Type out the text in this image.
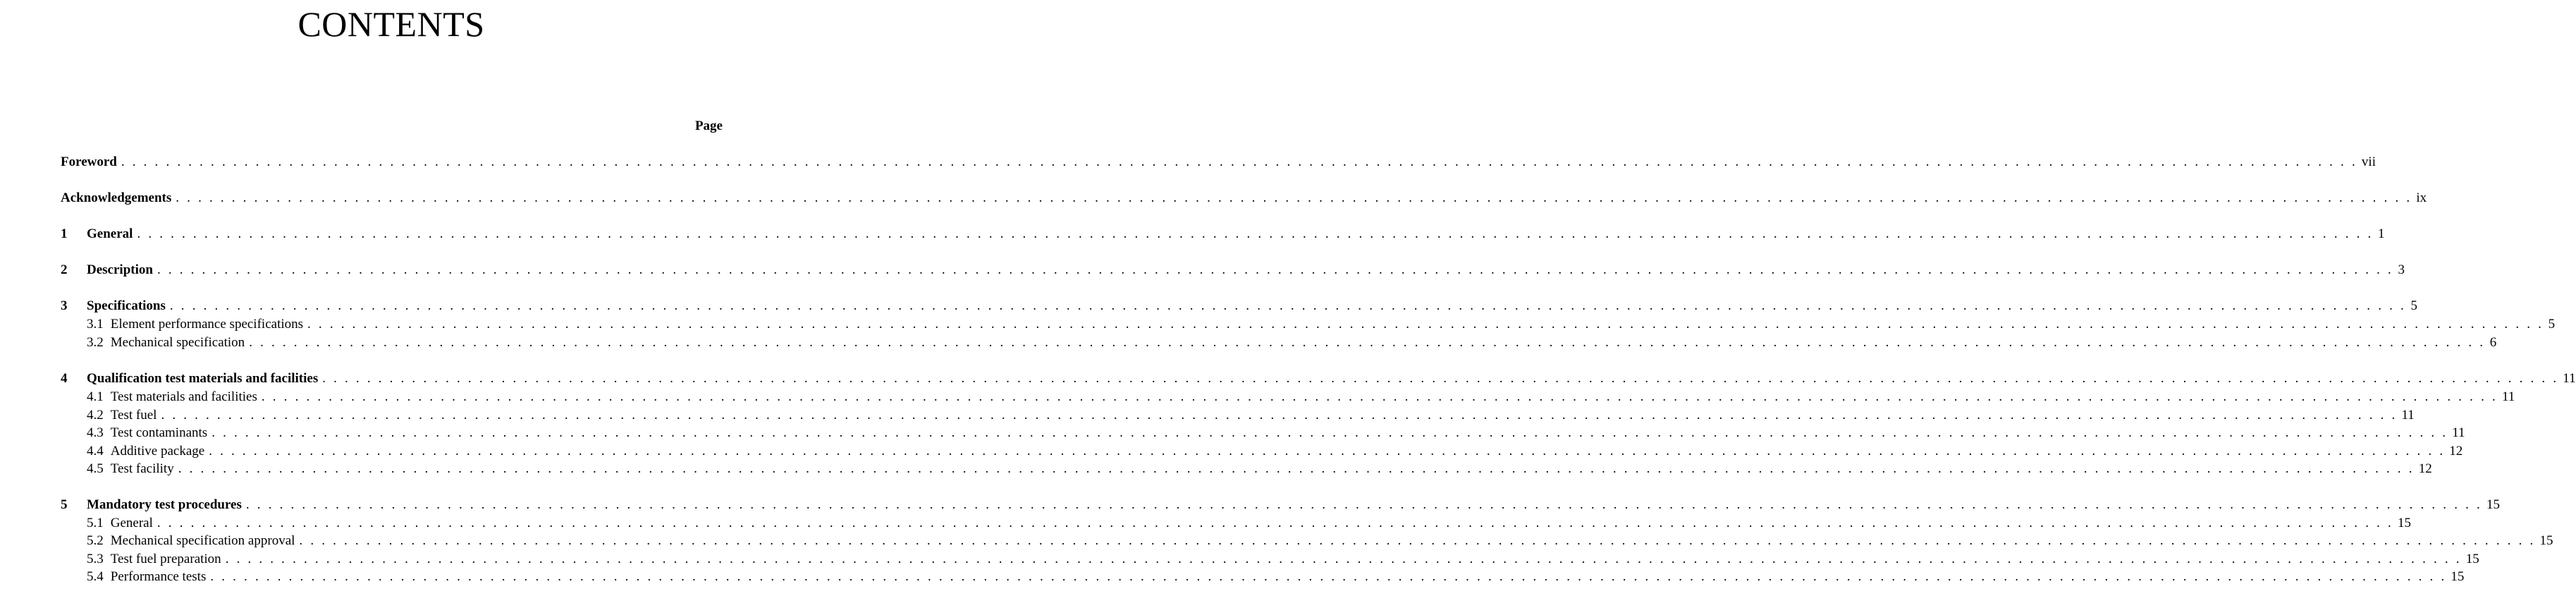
CONTENTS
Page
Foreword . . . . . . . . . . . . . . . . . . . . . . . . . . . . . . . . . . . . . . . . . . . . . . . . . . . . . . . . . . . . . . . . . . . . . . . . . . . . . . . . . . . . . . . . . . . . . . . . . . . . . . . . . . . . . . . . . . . . . . . . . . . . . . . . . . . . . . . . . . . . . . . . . . . . . . . . . . . . . . . . . . . . . . . . . . . . . . . . . . . . . . . . . . . . . . . . . . . . . . . . vii
Acknowledgements . . . . . . . . . . . . . . . . . . . . . . . . . . . . . . . . . . . . . . . . . . . . . . . . . . . . . . . . . . . . . . . . . . . . . . . . . . . . . . . . . . . . . . . . . . . . . . . . . . . . . . . . . . . . . . . . . . . . . . . . . . . . . . . . . . . . . . . . . . . . . . . . . . . . . . . . . . . . . . . . . . . . . . . . . . . . . . . . . . . . . . . . . . . . . . . . . . . . . . . . ix
1	General . . . . . . . . . . . . . . . . . . . . . . . . . . . . . . . . . . . . . . . . . . . . . . . . . . . . . . . . . . . . . . . . . . . . . . . . . . . . . . . . . . . . . . . . . . . . . . . . . . . . . . . . . . . . . . . . . . . . . . . . . . . . . . . . . . . . . . . . . . . . . . . . . . . . . . . . . . . . . . . . . . . . . . . . . . . . . . . . . . . . . . . . . . . . . . . . . . . . . . . . 1
2	Description . . . . . . . . . . . . . . . . . . . . . . . . . . . . . . . . . . . . . . . . . . . . . . . . . . . . . . . . . . . . . . . . . . . . . . . . . . . . . . . . . . . . . . . . . . . . . . . . . . . . . . . . . . . . . . . . . . . . . . . . . . . . . . . . . . . . . . . . . . . . . . . . . . . . . . . . . . . . . . . . . . . . . . . . . . . . . . . . . . . . . . . . . . . . . . . . . . . . . . . . 3
3	Specifications . . . . . . . . . . . . . . . . . . . . . . . . . . . . . . . . . . . . . . . . . . . . . . . . . . . . . . . . . . . . . . . . . . . . . . . . . . . . . . . . . . . . . . . . . . . . . . . . . . . . . . . . . . . . . . . . . . . . . . . . . . . . . . . . . . . . . . . . . . . . . . . . . . . . . . . . . . . . . . . . . . . . . . . . . . . . . . . . . . . . . . . . . . . . . . . . . . . . . . . . 5
3.1 Element performance specifications . . . . . . . . . . . . . . . . . . . . . . . . . . . . . . . . . . . . . . . . . . . . . . . . . . . . . . . . . . . . . . . . . . . . . . . . . . . . . . . . . . . . . . . . . . . . . . . . . . . . . . . . . . . . . . . . . . . . . . . . . . . . . . . . . . . . . . . . . . . . . . . . . . . . . . . . . . . . . . . . . . . . . . . . . . . . . . . . . . . . . . . . . . . . . . . . . . . . . . . . 5
3.2 Mechanical specification . . . . . . . . . . . . . . . . . . . . . . . . . . . . . . . . . . . . . . . . . . . . . . . . . . . . . . . . . . . . . . . . . . . . . . . . . . . . . . . . . . . . . . . . . . . . . . . . . . . . . . . . . . . . . . . . . . . . . . . . . . . . . . . . . . . . . . . . . . . . . . . . . . . . . . . . . . . . . . . . . . . . . . . . . . . . . . . . . . . . . . . . . . . . . . . . . . . . . . . . 6
4	Qualification test materials and facilities . . . . . . . . . . . . . . . . . . . . . . . . . . . . . . . . . . . . . . . . . . . . . . . . . . . . . . . . . . . . . . . . . . . . . . . . . . . . . . . . . . . . . . . . . . . . . . . . . . . . . . . . . . . . . . . . . . . . . . . . . . . . . . . . . . . . . . . . . . . . . . . . . . . . . . . . . . . . . . . . . . . . . . . . . . . . . . . . . . . . . . . . . . . . . . . . . . . . . . . . 11
4.1 Test materials and facilities . . . . . . . . . . . . . . . . . . . . . . . . . . . . . . . . . . . . . . . . . . . . . . . . . . . . . . . . . . . . . . . . . . . . . . . . . . . . . . . . . . . . . . . . . . . . . . . . . . . . . . . . . . . . . . . . . . . . . . . . . . . . . . . . . . . . . . . . . . . . . . . . . . . . . . . . . . . . . . . . . . . . . . . . . . . . . . . . . . . . . . . . . . . . . . . . . . . . . . . . 11
4.2 Test fuel . . . . . . . . . . . . . . . . . . . . . . . . . . . . . . . . . . . . . . . . . . . . . . . . . . . . . . . . . . . . . . . . . . . . . . . . . . . . . . . . . . . . . . . . . . . . . . . . . . . . . . . . . . . . . . . . . . . . . . . . . . . . . . . . . . . . . . . . . . . . . . . . . . . . . . . . . . . . . . . . . . . . . . . . . . . . . . . . . . . . . . . . . . . . . . . . . . . . . . . . 11
4.3 Test contaminants . . . . . . . . . . . . . . . . . . . . . . . . . . . . . . . . . . . . . . . . . . . . . . . . . . . . . . . . . . . . . . . . . . . . . . . . . . . . . . . . . . . . . . . . . . . . . . . . . . . . . . . . . . . . . . . . . . . . . . . . . . . . . . . . . . . . . . . . . . . . . . . . . . . . . . . . . . . . . . . . . . . . . . . . . . . . . . . . . . . . . . . . . . . . . . . . . . . . . . . . 11
4.4 Additive package . . . . . . . . . . . . . . . . . . . . . . . . . . . . . . . . . . . . . . . . . . . . . . . . . . . . . . . . . . . . . . . . . . . . . . . . . . . . . . . . . . . . . . . . . . . . . . . . . . . . . . . . . . . . . . . . . . . . . . . . . . . . . . . . . . . . . . . . . . . . . . . . . . . . . . . . . . . . . . . . . . . . . . . . . . . . . . . . . . . . . . . . . . . . . . . . . . . . . . . . 12
4.5 Test facility . . . . . . . . . . . . . . . . . . . . . . . . . . . . . . . . . . . . . . . . . . . . . . . . . . . . . . . . . . . . . . . . . . . . . . . . . . . . . . . . . . . . . . . . . . . . . . . . . . . . . . . . . . . . . . . . . . . . . . . . . . . . . . . . . . . . . . . . . . . . . . . . . . . . . . . . . . . . . . . . . . . . . . . . . . . . . . . . . . . . . . . . . . . . . . . . . . . . . . . . 12
5	Mandatory test procedures . . . . . . . . . . . . . . . . . . . . . . . . . . . . . . . . . . . . . . . . . . . . . . . . . . . . . . . . . . . . . . . . . . . . . . . . . . . . . . . . . . . . . . . . . . . . . . . . . . . . . . . . . . . . . . . . . . . . . . . . . . . . . . . . . . . . . . . . . . . . . . . . . . . . . . . . . . . . . . . . . . . . . . . . . . . . . . . . . . . . . . . . . . . . . . . . . . . . . . . . 15
5.1 General . . . . . . . . . . . . . . . . . . . . . . . . . . . . . . . . . . . . . . . . . . . . . . . . . . . . . . . . . . . . . . . . . . . . . . . . . . . . . . . . . . . . . . . . . . . . . . . . . . . . . . . . . . . . . . . . . . . . . . . . . . . . . . . . . . . . . . . . . . . . . . . . . . . . . . . . . . . . . . . . . . . . . . . . . . . . . . . . . . . . . . . . . . . . . . . . . . . . . . . . 15
5.2 Mechanical specification approval . . . . . . . . . . . . . . . . . . . . . . . . . . . . . . . . . . . . . . . . . . . . . . . . . . . . . . . . . . . . . . . . . . . . . . . . . . . . . . . . . . . . . . . . . . . . . . . . . . . . . . . . . . . . . . . . . . . . . . . . . . . . . . . . . . . . . . . . . . . . . . . . . . . . . . . . . . . . . . . . . . . . . . . . . . . . . . . . . . . . . . . . . . . . . . . . . . . . . . . . 15
5.3 Test fuel preparation . . . . . . . . . . . . . . . . . . . . . . . . . . . . . . . . . . . . . . . . . . . . . . . . . . . . . . . . . . . . . . . . . . . . . . . . . . . . . . . . . . . . . . . . . . . . . . . . . . . . . . . . . . . . . . . . . . . . . . . . . . . . . . . . . . . . . . . . . . . . . . . . . . . . . . . . . . . . . . . . . . . . . . . . . . . . . . . . . . . . . . . . . . . . . . . . . . . . . . . . 15
5.4 Performance tests . . . . . . . . . . . . . . . . . . . . . . . . . . . . . . . . . . . . . . . . . . . . . . . . . . . . . . . . . . . . . . . . . . . . . . . . . . . . . . . . . . . . . . . . . . . . . . . . . . . . . . . . . . . . . . . . . . . . . . . . . . . . . . . . . . . . . . . . . . . . . . . . . . . . . . . . . . . . . . . . . . . . . . . . . . . . . . . . . . . . . . . . . . . . . . . . . . . . . . . . 15
